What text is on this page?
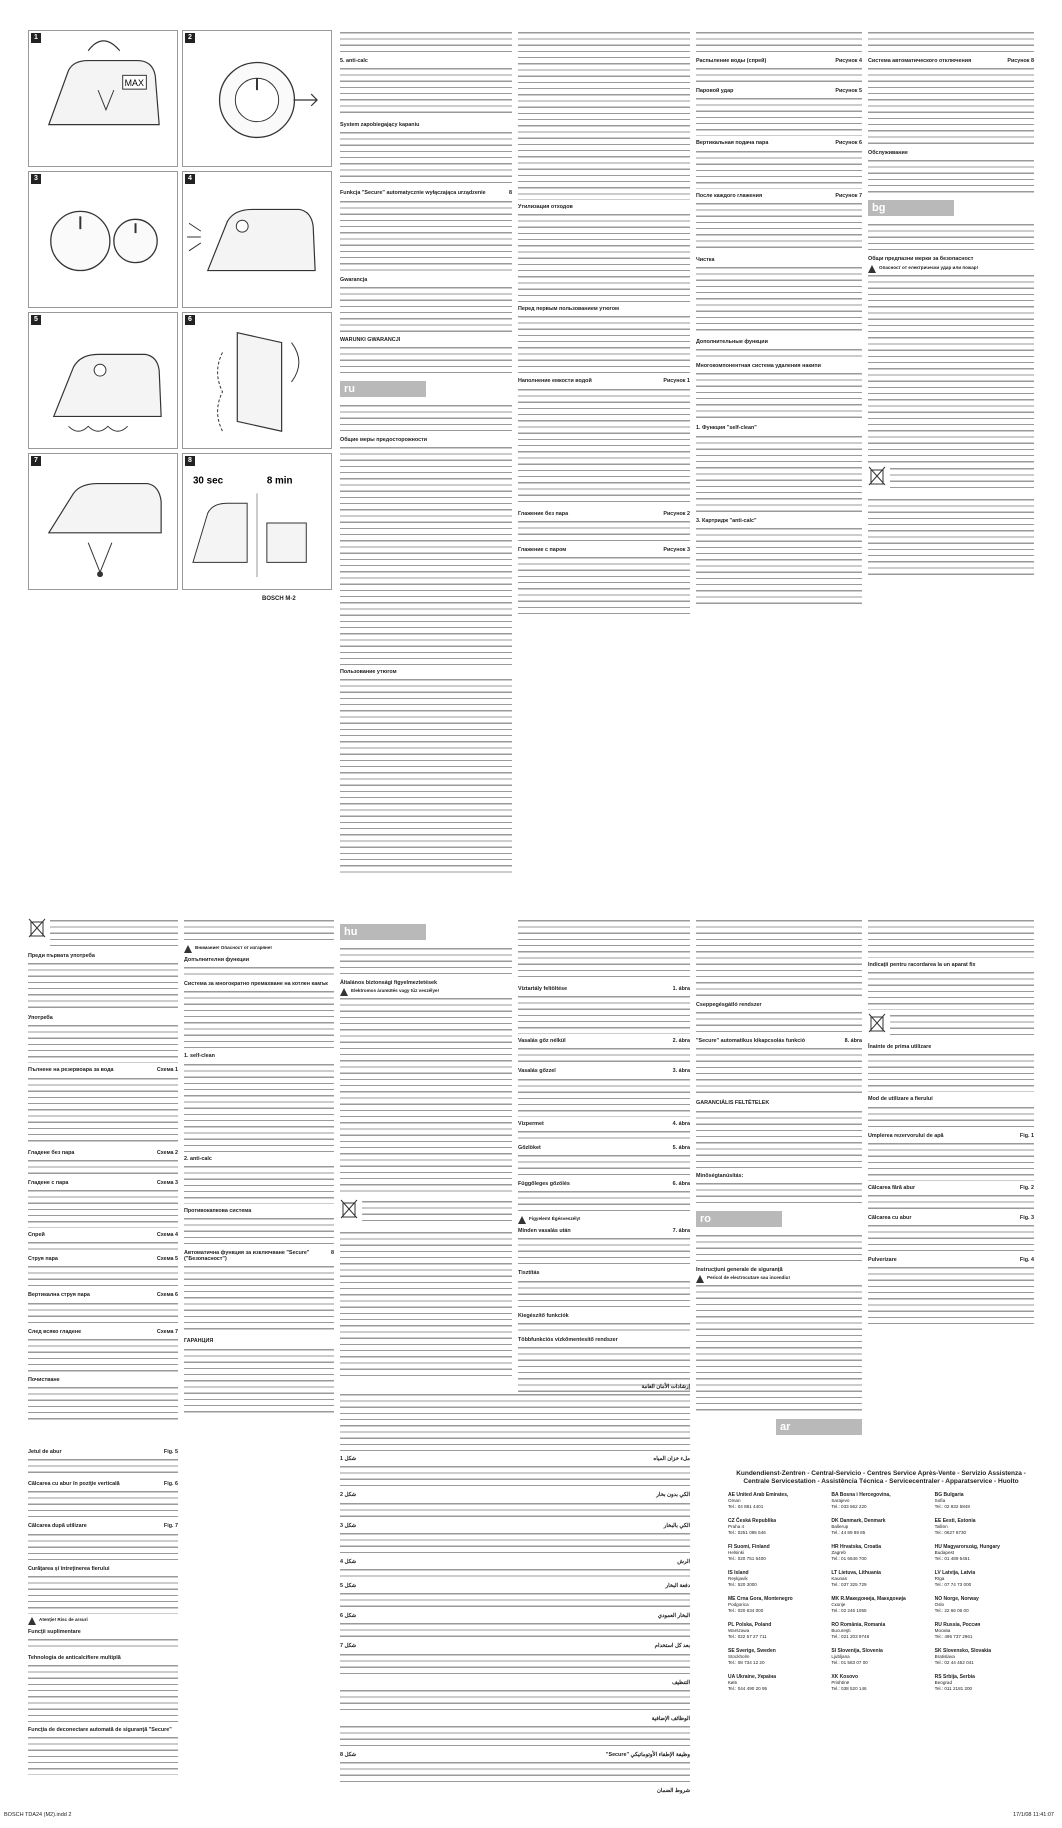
1
MAX
2
3	4
5	6
7	8
30 sec	8 min
BOSCH M-2
5. anti-calc
System zapobiegający kapaniu
Funkcja "Secure" automatycznie wyłączająca urządzenie	8
Gwarancja
WARUNKI GWARANCJI
ru
Общие меры предосторожности
Пользование утюгом
Утилизация отходов
Перед первым пользованием утюгом
Наполнение емкости водой	Рисунок 1
Глажение без пара	Рисунок 2
Глажение с паром	Рисунок 3
Распыление воды (спрей)	Рисунок 4
Паровой удар	Рисунок 5
Вертикальная подача пара	Рисунок 6
После каждого глажения	Рисунок 7
Чистка
Дополнительные функции
Многокомпонентная система удаления накипи
1. Функция "self-clean"
3. Картридж "anti-calc"
Система автоматического отключения	Рисунок 8
Обслуживание
bg
Общи предпазни мерки за безопасност
Опасност от електрически удар или пожар!
Преди първата употреба
Употреба
Пълнене на резервоара за вода	Схема 1
Гладене без пара	Схема 2
Гладене с пара	Схема 3
Спрей	Схема 4
Струя пара	Схема 5
Вертикална струя пара	Схема 6
След всяко гладене	Схема 7
Почистване
Jetul de abur	Fig. 5
Călcarea cu abur în poziţie verticală	Fig. 6
Călcarea după utilizare	Fig. 7
Curăţarea și întreţinerea fierului
Atenţie! Risc de arsuri
Funcţii suplimentare
Tehnologia de anticalcifiere multiplă
Funcţia de deconectare automată de siguranţă "Secure"
Внимание! Опасност от изгаряне!
Допълнителни функции
Система за многократно премахване на котлен камък
1. self-clean
2. anti-calc
Противокапкова система
Автоматична функция за изключване "Secure" ("Безопасност")
8
ГАРАНЦИЯ
Kundendienst-Zentren - Central-Servicio - Centres Service Après-Vente - Servizio Assistenza - Centrale Servicestation - Assistência Técnica - Servicecentraler - Apparatservice - Huolto
AE United Arab Emirates,
Oman
Tel.: 04 881 4401
BA Bosna i Hercegovina,
Sarajevo
Tel.: 033 562 220
BG Bulgaria
Sofia
Tel.: 02 932 5848
CZ Česká Republika
Praha 4
Tel.: 0251 095 546
DK Danmark, Denmark
Ballerup
Tel.: 44 89 89 85
EE Eesti, Estonia
Tallinn
Tel.: 0627 8730
FI Suomi, Finland
Helsinki
Tel.: 020 751 6400
HR Hrvatska, Croatia
Zagreb
Tel.: 01 6646 700
HU Magyarország, Hungary
Budapest
Tel.: 01 489 5461
IS Island
Reykjavik
Tel.: 520 3000
LT Lietuva, Lithuania
Kaunas
Tel.: 037 325 729
LV Latvija, Latvia
Rīga
Tel.: 07 74 73 000
ME Crna Gora, Montenegro
Podgorica
Tel.: 020 634 000
MK R.Македонија, Македонија
Скопје
Tel.: 02 246 1055
NO Norge, Norway
Oslo
Tel.: 22 66 06 00
PL Polska, Poland
Warszawa
Tel.: 022 57 27 711
RO România, Romania
Bucureşti
Tel.: 021 203 9748
RU Russia, Россия
Москва
Tel.: 495 737 2961
SE Sverige, Sweden
Stockholm
Tel.: 08 734 12 20
SI Slovenija, Slovenia
Ljubljana
Tel.: 01 583 07 00
SK Slovensko, Slovakia
Bratislava
Tel.: 02 44 452 041
UA Ukraine, Україна
Київ
Tel.: 044 490 20 95
XK Kosovo
Prishtinë
Tel.: 038 520 146
RS Srbija, Serbia
Beograd
Tel.: 011 2181 200
hu
Általános biztonsági figyelmeztetések
Elektromos áramütés vagy tűz veszélye!	Víztartály feltöltése	1. ábra
Vasalás gőz nélkül	2. ábra
Vasalás gőzzel	3. ábra
Vízpermet	4. ábra
Gőzlöket	5. ábra
Függőleges gőzölés	6. ábra
Figyelem! Égésveszély!
Minden vasalás után	7. ábra
Tisztítás
Kiegészítő funkciók
Többfunkciós vízkőmentesítő rendszer
Cseppegésgátló rendszer
"Secure" automatikus kikapcsolás funkció	8. ábra
GARANCIÁLIS FELTÉTELEK
Minőségtanúsítás:
ro
Instrucţiuni generale de siguranţă
Pericol de electrocutare sau incendiu!
ar
Indicaţii pentru racordarea la un aparat fix
Înainte de prima utilizare
Mod de utilizare a fierului
Umplerea rezervorului de apă	Fig. 1
Călcarea fără abur	Fig. 2
Călcarea cu abur	Fig. 3
Pulverizare	Fig. 4
إرشادات الأمان العامة
ملء خزان المياه
شكل 1
الكي بدون بخار
شكل 2
الكي بالبخار
شكل 3
الرش
شكل 4
دفعة البخار
شكل 5
البخار العمودي
شكل 6
بعد كل استخدام
شكل 7
التنظيف
الوظائف الإضافية
وظيفة الإطفاء الأوتوماتيكي "Secure"
شكل 8
شروط الضمان
BOSCH TDA24 (M2).indd 2	17/1/08 11:41:07
